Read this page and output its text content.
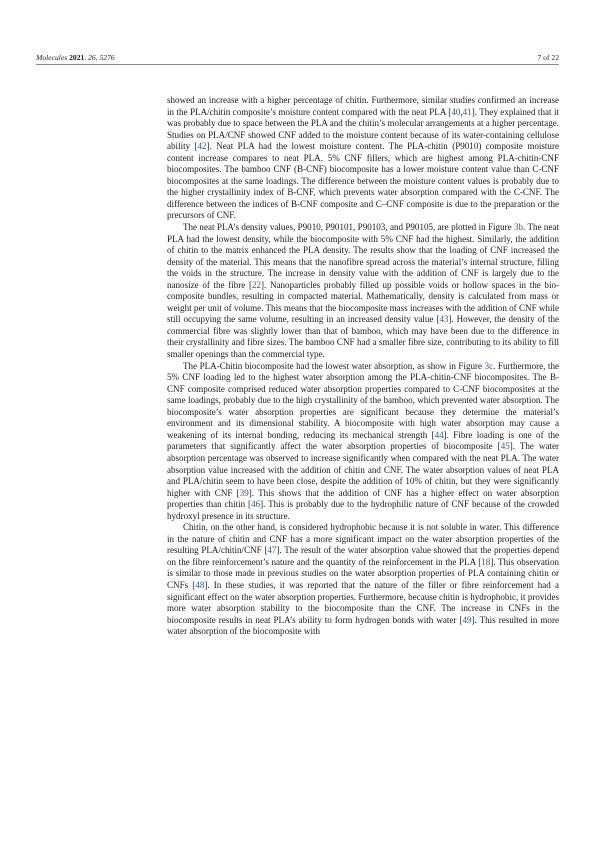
Molecules 2021, 26, 5276	7 of 22

showed an increase with a higher percentage of chitin. Furthermore, similar studies confirmed an increase in the PLA/chitin composite’s moisture content compared with the neat PLA [40,41]. They explained that it was probably due to space between the PLA and the chitin’s molecular arrangements at a higher percentage. Studies on PLA/CNF showed CNF added to the moisture content because of its water-containing cellulose ability [42]. Neat PLA had the lowest moisture content. The PLA-chitin (P9010) composite moisture content increase compares to neat PLA. 5% CNF fillers, which are highest among PLA-chitin-CNF biocomposites. The bamboo CNF (B-CNF) biocomposite has a lower moisture content value than C-CNF biocomposites at the same loadings. The difference between the moisture content values is probably due to the higher crystallinity index of B-CNF, which prevents water absorption compared with the C-CNF. The difference between the indices of B-CNF composite and C–CNF composite is due to the preparation or the precursors of CNF.

The neat PLA’s density values, P9010, P90101, P90103, and P90105, are plotted in Figure 3b. The neat PLA had the lowest density, while the biocomposite with 5% CNF had the highest. Similarly, the addition of chitin to the matrix enhanced the PLA density. The results show that the loading of CNF increased the density of the material. This means that the nanofibre spread across the material’s internal structure, filling the voids in the structure. The increase in density value with the addition of CNF is largely due to the nanosize of the fibre [22]. Nanoparticles probably filled up possible voids or hollow spaces in the bio-composite bundles, resulting in compacted material. Mathematically, density is calculated from mass or weight per unit of volume. This means that the biocomposite mass increases with the addition of CNF while still occupying the same volume, resulting in an increased density value [43]. However, the density of the commercial fibre was slightly lower than that of bamboo, which may have been due to the difference in their crystallinity and fibre sizes. The bamboo CNF had a smaller fibre size, contributing to its ability to fill smaller openings than the commercial type.

The PLA-Chitin biocomposite had the lowest water absorption, as show in Figure 3c. Furthermore, the 5% CNF loading led to the highest water absorption among the PLA-chitin-CNF biocomposites. The B-CNF composite comprised reduced water absorption properties compared to C-CNF biocomposites at the same loadings, probably due to the high crystallinity of the bamboo, which prevented water absorption. The biocomposite’s water absorption properties are significant because they determine the material’s environment and its dimensional stability. A biocomposite with high water absorption may cause a weakening of its internal bonding, reducing its mechanical strength [44]. Fibre loading is one of the parameters that significantly affect the water absorption properties of biocomposite [45]. The water absorption percentage was observed to increase significantly when compared with the neat PLA. The water absorption value increased with the addition of chitin and CNF. The water absorption values of neat PLA and PLA/chitin seem to have been close, despite the addition of 10% of chitin, but they were significantly higher with CNF [39]. This shows that the addition of CNF has a higher effect on water absorption properties than chitin [46]. This is probably due to the hydrophilic nature of CNF because of the crowded hydroxyl presence in its structure.

Chitin, on the other hand, is considered hydrophobic because it is not soluble in water. This difference in the nature of chitin and CNF has a more significant impact on the water absorption properties of the resulting PLA/chitin/CNF [47]. The result of the water absorption value showed that the properties depend on the fibre reinforcement’s nature and the quantity of the reinforcement in the PLA [18]. This observation is similar to those made in previous studies on the water absorption properties of PLA containing chitin or CNFs [48]. In these studies, it was reported that the nature of the filler or fibre reinforcement had a significant effect on the water absorption properties. Furthermore, because chitin is hydrophobic, it provides more water absorption stability to the biocomposite than the CNF. The increase in CNFs in the biocomposite results in neat PLA’s ability to form hydrogen bonds with water [49]. This resulted in more water absorption of the biocomposite with
